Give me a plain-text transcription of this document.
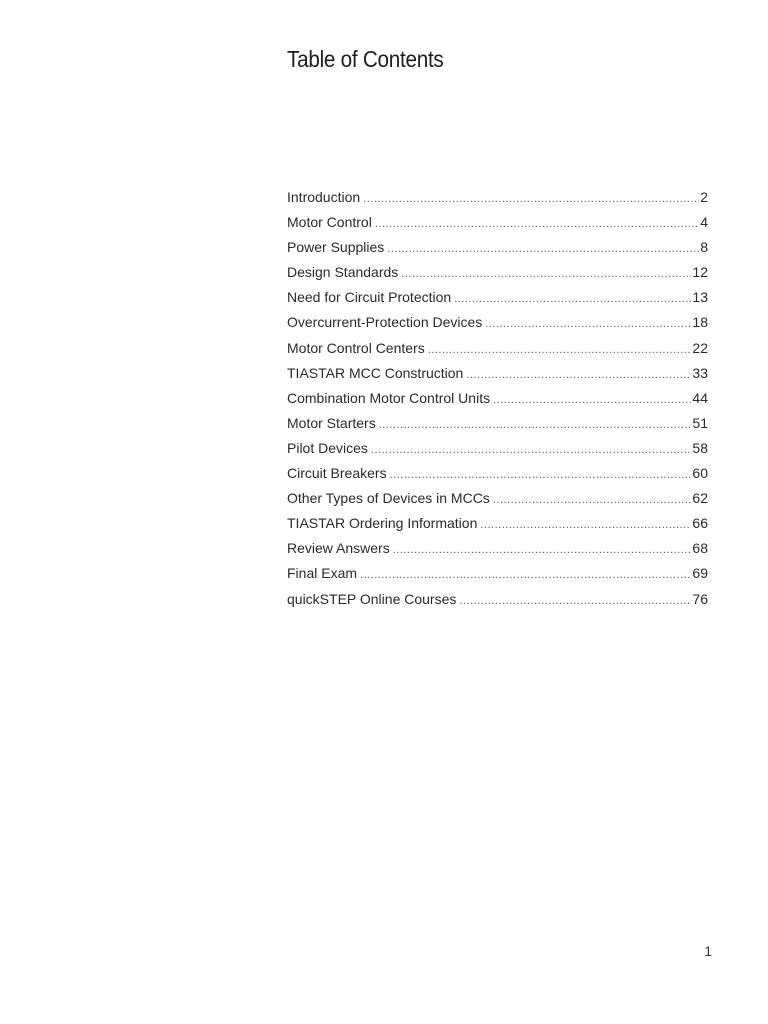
Table of Contents
Introduction .....	2
Motor Control .....	4
Power Supplies .....	8
Design Standards .....	12
Need for Circuit Protection .....	13
Overcurrent-Protection Devices .....	18
Motor Control Centers .....	22
TIASTAR MCC Construction .....	33
Combination Motor Control Units .....	44
Motor Starters .....	51
Pilot Devices .....	58
Circuit Breakers .....	60
Other Types of Devices in MCCs .....	62
TIASTAR Ordering Information .....	66
Review Answers .....	68
Final Exam .....	69
quickSTEP Online Courses .....	76
1
